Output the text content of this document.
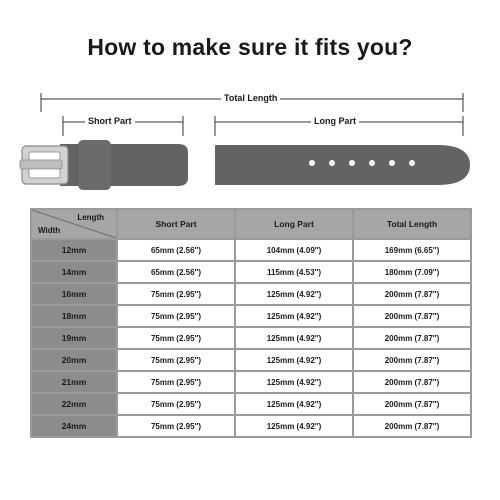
How to make sure it fits you?
Total Length
Short Part	Long Part
Length
Width	Short Part	Long Part	Total Length
12mm	65mm (2.56″)	104mm (4.09″)	169mm (6.65″)
14mm	65mm (2.56″)	115mm (4.53″)	180mm (7.09″)
16mm	75mm (2.95″)	125mm (4.92″)	200mm (7.87″)
18mm	75mm (2.95″)	125mm (4.92″)	200mm (7.87″)
19mm	75mm (2.95″)	125mm (4.92″)	200mm (7.87″)
20mm	75mm (2.95″)	125mm (4.92″)	200mm (7.87″)
21mm	75mm (2.95″)	125mm (4.92″)	200mm (7.87″)
22mm	75mm (2.95″)	125mm (4.92″)	200mm (7.87″)
24mm	75mm (2.95″)	125mm (4.92″)	200mm (7.87″)
